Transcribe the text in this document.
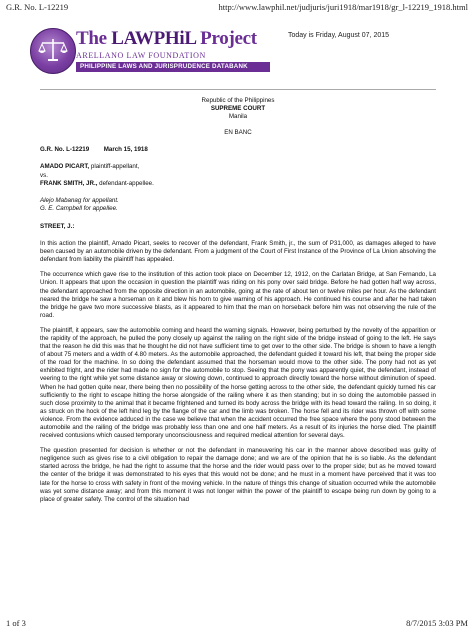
G.R. No. L-12219	http://www.lawphil.net/judjuris/juri1918/mar1918/gr_l-12219_1918.html
The LAWPHiL Project
ARELLANO LAW FOUNDATION
PHILIPPINE LAWS AND JURISPRUDENCE DATABANK
Today is Friday, August 07, 2015
Republic of the Philippines
SUPREME COURT
Manila
EN BANC
G.R. No. L-12219 March 15, 1918
AMADO PICART, plaintiff-appellant,
vs.
FRANK SMITH, JR., defendant-appellee.
Alejo Mabanag for appellant.
G. E. Campbell for appellee.
STREET, J.:

In this action the plaintiff, Amado Picart, seeks to recover of the defendant, Frank Smith, jr., the sum of P31,000, as damages alleged to have been caused by an automobile driven by the defendant. From a judgment of the Court of First Instance of the Province of La Union absolving the defendant from liability the plaintiff has appealed.

The occurrence which gave rise to the institution of this action took place on December 12, 1912, on the Carlatan Bridge, at San Fernando, La Union. It appears that upon the occasion in question the plaintiff was riding on his pony over said bridge. Before he had gotten half way across, the defendant approached from the opposite direction in an automobile, going at the rate of about ten or twelve miles per hour. As the defendant neared the bridge he saw a horseman on it and blew his horn to give warning of his approach. He continued his course and after he had taken the bridge he gave two more successive blasts, as it appeared to him that the man on horseback before him was not observing the rule of the road.

The plaintiff, it appears, saw the automobile coming and heard the warning signals. However, being perturbed by the novelty of the apparition or the rapidity of the approach, he pulled the pony closely up against the railing on the right side of the bridge instead of going to the left. He says that the reason he did this was that he thought he did not have sufficient time to get over to the other side. The bridge is shown to have a length of about 75 meters and a width of 4.80 meters. As the automobile approached, the defendant guided it toward his left, that being the proper side of the road for the machine. In so doing the defendant assumed that the horseman would move to the other side. The pony had not as yet exhibited fright, and the rider had made no sign for the automobile to stop. Seeing that the pony was apparently quiet, the defendant, instead of veering to the right while yet some distance away or slowing down, continued to approach directly toward the horse without diminution of speed. When he had gotten quite near, there being then no possibility of the horse getting across to the other side, the defendant quickly turned his car sufficiently to the right to escape hitting the horse alongside of the railing where it as then standing; but in so doing the automobile passed in such close proximity to the animal that it became frightened and turned its body across the bridge with its head toward the railing. In so doing, it as struck on the hock of the left hind leg by the flange of the car and the limb was broken. The horse fell and its rider was thrown off with some violence. From the evidence adduced in the case we believe that when the accident occurred the free space where the pony stood between the automobile and the railing of the bridge was probably less than one and one half meters. As a result of its injuries the horse died. The plaintiff received contusions which caused temporary unconsciousness and required medical attention for several days.

The question presented for decision is whether or not the defendant in maneuvering his car in the manner above described was guilty of negligence such as gives rise to a civil obligation to repair the damage done; and we are of the opinion that he is so liable. As the defendant started across the bridge, he had the right to assume that the horse and the rider would pass over to the proper side; but as he moved toward the center of the bridge it was demonstrated to his eyes that this would not be done; and he must in a moment have perceived that it was too late for the horse to cross with safety in front of the moving vehicle. In the nature of things this change of situation occurred while the automobile was yet some distance away; and from this moment it was not longer within the power of the plaintiff to escape being run down by going to a place of greater safety. The control of the situation had

1 of 3	8/7/2015 3:03 PM
